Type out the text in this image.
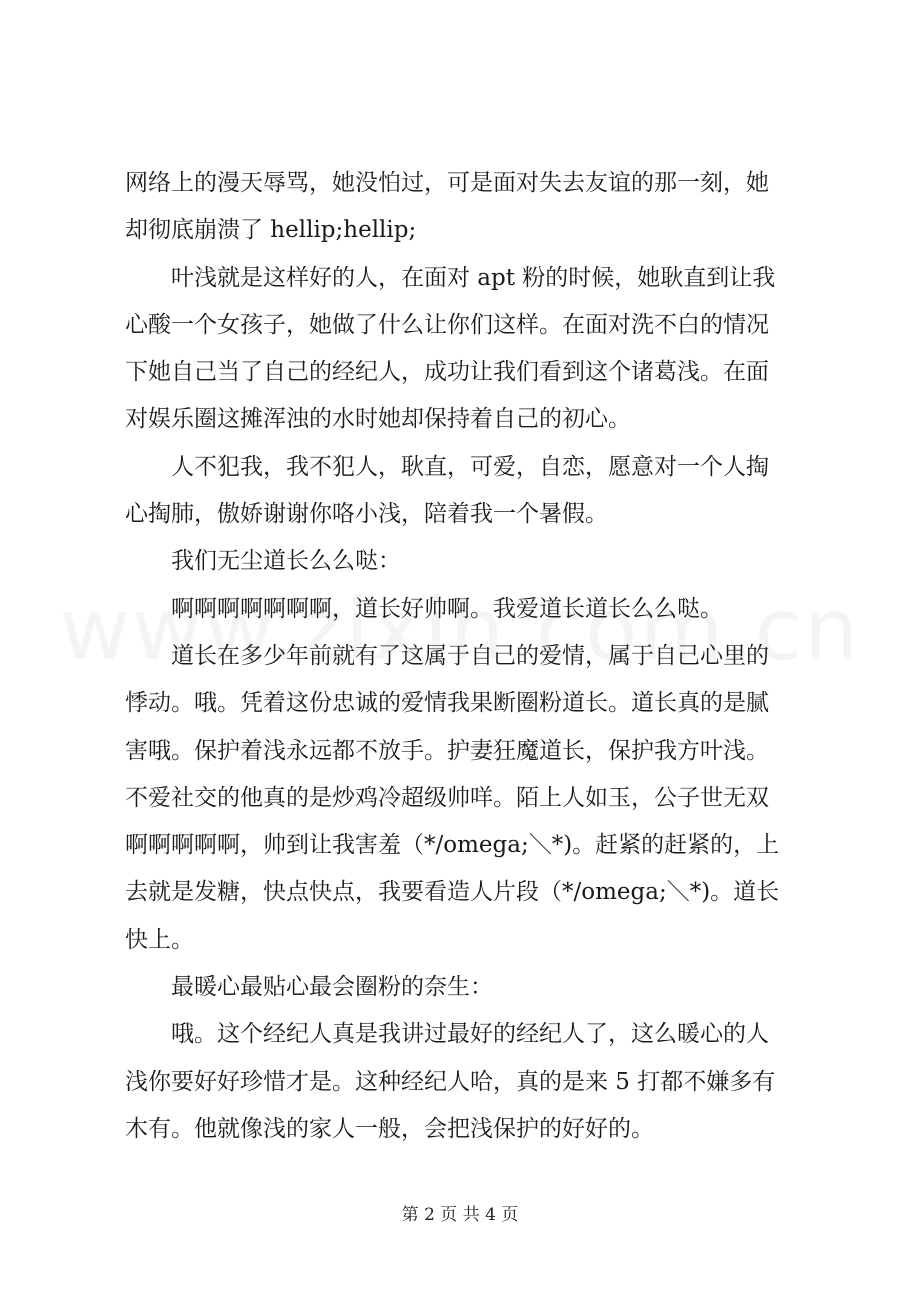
网络上的漫天辱骂，她没怕过，可是面对失去友谊的那一刻，她
却彻底崩溃了 hellip;hellip;
叶浅就是这样好的人，在面对 apt 粉的时候，她耿直到让我
心酸一个女孩子，她做了什么让你们这样。在面对洗不白的情况
下她自己当了自己的经纪人，成功让我们看到这个诸葛浅。在面
对娱乐圈这摊浑浊的水时她却保持着自己的初心。
人不犯我，我不犯人，耿直，可爱，自恋，愿意对一个人掏
心掏肺，傲娇谢谢你咯小浅，陪着我一个暑假。
我们无尘道长么么哒：
啊啊啊啊啊啊啊，道长好帅啊。我爱道长道长么么哒。
道长在多少年前就有了这属于自己的爱情，属于自己心里的
悸动。哦。凭着这份忠诚的爱情我果断圈粉道长。道长真的是腻
害哦。保护着浅永远都不放手。护妻狂魔道长，保护我方叶浅。
不爱社交的他真的是炒鸡冷超级帅咩。陌上人如玉，公子世无双
啊啊啊啊啊，帅到让我害羞（*/omega;＼*)。赶紧的赶紧的，上
去就是发糖，快点快点，我要看造人片段（*/omega;＼*)。道长
快上。
最暖心最贴心最会圈粉的奈生：
哦。这个经纪人真是我讲过最好的经纪人了，这么暖心的人
浅你要好好珍惜才是。这种经纪人哈，真的是来 5 打都不嫌多有
木有。他就像浅的家人一般，会把浅保护的好好的。
第 2 页 共 4 页
